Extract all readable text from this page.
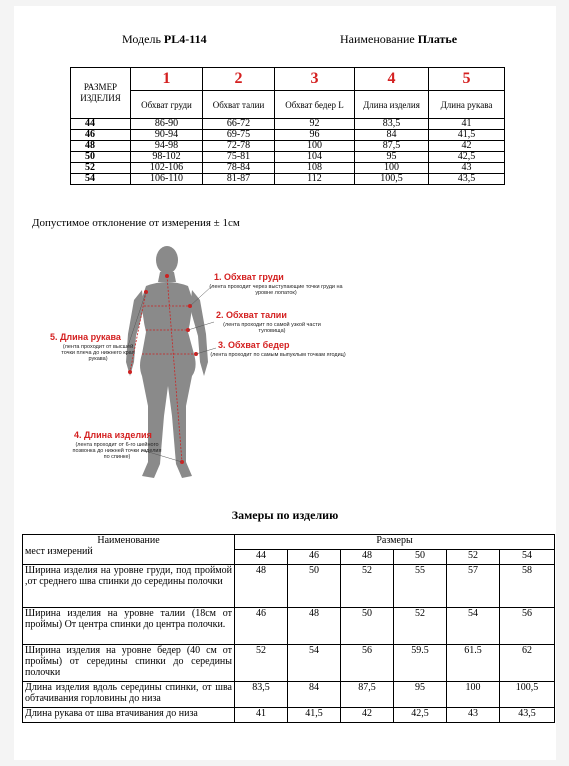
Модель PL4-114	Наименование Платье
РАЗМЕР ИЗДЕЛИЯ	1	2	3	4	5
	Обхват груди	Обхват талии	Обхват бедер L	Длина изделия	Длина рукава
44	86-90	66-72	92	83,5	41
46	90-94	69-75	96	84	41,5
48	94-98	72-78	100	87,5	42
50	98-102	75-81	104	95	42,5
52	102-106	78-84	108	100	43
54	106-110	81-87	112	100,5	43,5
Допустимое отклонение от измерения ± 1см
1. Обхват груди
(лента проходит через выступающие точки груди на уровне лопаток)
2. Обхват талии
(лента проходит по самой узкой части туловища)
3. Обхват бедер
(лента проходит по самым выпуклым точкам ягодиц)
5. Длина рукава
(лента проходит от высшей точки плеча до нижнего края рукава)
4. Длина изделия
(лента проходит от 6-го шейного позвонка до нижней точки изделия по спинке)
Замеры по изделию
Наименование
мест измерений	Размеры					
	44	46	48	50	52	54
Ширина изделия на уровне груди, под проймой ,от среднего шва спинки до середины полочки	48	50	52	55	57	58
Ширина изделия на уровне талии (18см от проймы) От центра спинки до центра полочки.	46	48	50	52	54	56
Ширина изделия на уровне бедер (40 см от проймы) от середины спинки до середины полочки	52	54	56	59.5	61.5	62
Длина изделия вдоль середины спинки, от шва обтачивания горловины до низа	83,5	84	87,5	95	100	100,5
Длина рукава от шва втачивания до низа	41	41,5	42	42,5	43	43,5
